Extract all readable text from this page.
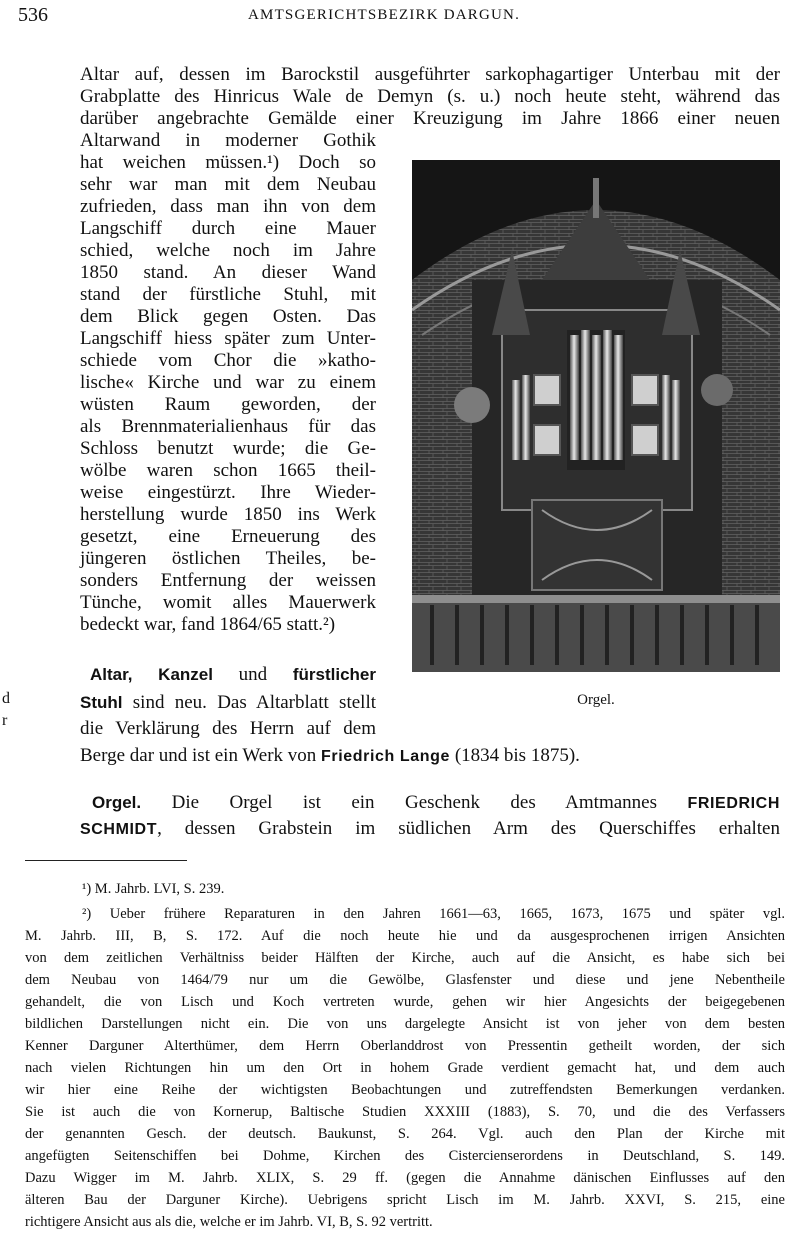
536	AMTSGERICHTSBEZIRK DARGUN.
Altar auf, dessen im Barockstil ausgeführter sarkophagartiger Unterbau mit der
Grabplatte des Hinricus Wale de Demyn (s. u.) noch heute steht, während das
darüber angebrachte Gemälde einer Kreuzigung im Jahre 1866 einer neuen
Altarwand in moderner Gothik
hat weichen müssen.¹) Doch so
sehr war man mit dem Neubau
zufrieden, dass man ihn von dem
Langschiff durch eine Mauer
schied, welche noch im Jahre
1850 stand. An dieser Wand
stand der fürstliche Stuhl, mit
dem Blick gegen Osten. Das
Langschiff hiess später zum Unter-
schiede vom Chor die »katho-
lische« Kirche und war zu einem
wüsten Raum geworden, der
als Brennmaterialienhaus für das
Schloss benutzt wurde; die Ge-
wölbe waren schon 1665 theil-
weise eingestürzt. Ihre Wieder-
herstellung wurde 1850 ins Werk
gesetzt, eine Erneuerung des
jüngeren östlichen Theiles, be-
sonders Entfernung der weissen
Tünche, womit alles Mauerwerk
bedeckt war, fand 1864/65 statt.²)
Altar, Kanzel und fürstlicher
Stuhl sind neu. Das Altarblatt stellt
die Verklärung des Herrn auf dem
Berge dar und ist ein Werk von Friedrich Lange (1834 bis 1875).
d
r
Orgel. Die Orgel ist ein Geschenk des Amtmannes FRIEDRICH
SCHMIDT, dessen Grabstein im südlichen Arm des Querschiffes erhalten
Orgel.
¹) M. Jahrb. LVI, S. 239.
²) Ueber frühere Reparaturen in den Jahren 1661—63, 1665, 1673, 1675 und später vgl.
M. Jahrb. III, B, S. 172. Auf die noch heute hie und da ausgesprochenen irrigen Ansichten
von dem zeitlichen Verhältniss beider Hälften der Kirche, auch auf die Ansicht, es habe sich bei
dem Neubau von 1464/79 nur um die Gewölbe, Glasfenster und diese und jene Nebentheile
gehandelt, die von Lisch und Koch vertreten wurde, gehen wir hier Angesichts der beigegebenen
bildlichen Darstellungen nicht ein. Die von uns dargelegte Ansicht ist von jeher von dem besten
Kenner Darguner Alterthümer, dem Herrn Oberlanddrost von Pressentin getheilt worden, der sich
nach vielen Richtungen hin um den Ort in hohem Grade verdient gemacht hat, und dem auch
wir hier eine Reihe der wichtigsten Beobachtungen und zutreffendsten Bemerkungen verdanken.
Sie ist auch die von Kornerup, Baltische Studien XXXIII (1883), S. 70, und die des Verfassers
der genannten Gesch. der deutsch. Baukunst, S. 264. Vgl. auch den Plan der Kirche mit
angefügten Seitenschiffen bei Dohme, Kirchen des Cistercienserordens in Deutschland, S. 149.
Dazu Wigger im M. Jahrb. XLIX, S. 29 ff. (gegen die Annahme dänischen Einflusses auf den
älteren Bau der Darguner Kirche). Uebrigens spricht Lisch im M. Jahrb. XXVI, S. 215, eine
richtigere Ansicht aus als die, welche er im Jahrb. VI, B, S. 92 vertritt.
